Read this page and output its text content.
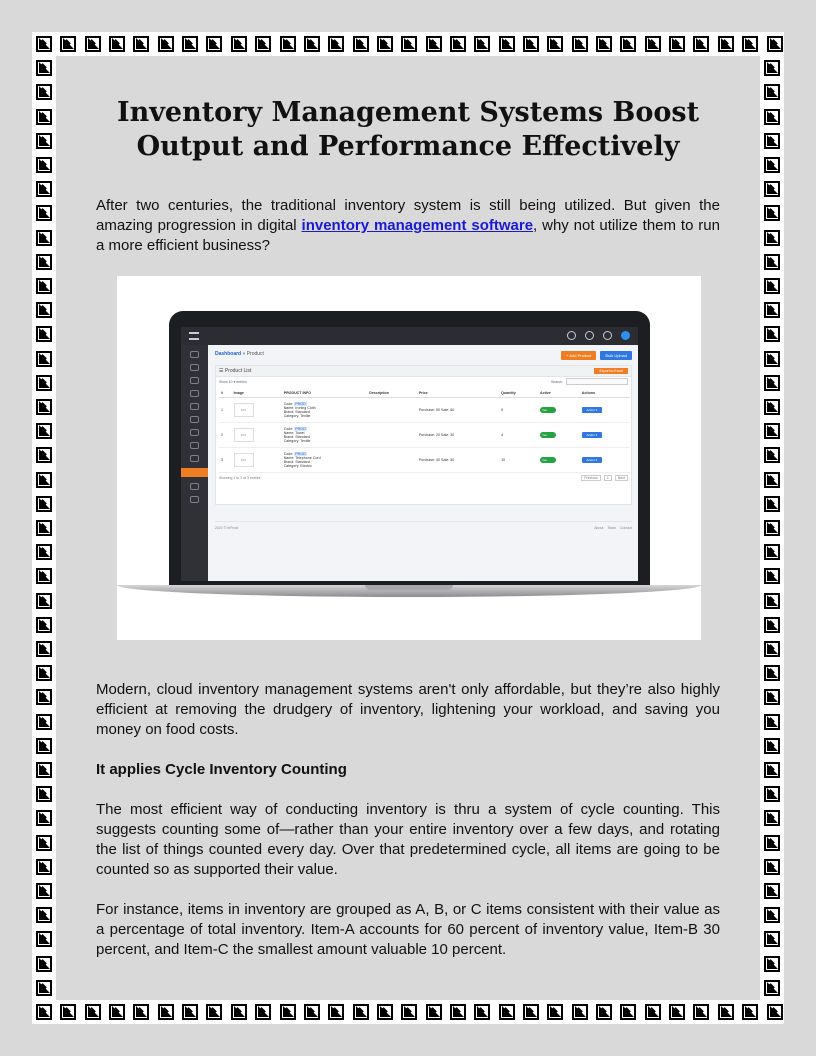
Inventory Management Systems Boost Output and Performance Effectively

After two centuries, the traditional inventory system is still being utilized. But given the amazing progression in digital inventory management software, why not utilize them to run a more efficient business?

Modern, cloud inventory management systems aren't only affordable, but they’re also highly efficient at removing the drudgery of inventory, lightening your workload, and saving you money on food costs.

It applies Cycle Inventory Counting

The most efficient way of conducting inventory is thru a system of cycle counting. This suggests counting some of—rather than your entire inventory over a few days, and rotating the list of things counted every day. Over that predetermined cycle, all items are going to be counted so as supported their value.

For instance, items in inventory are grouped as A, B, or C items consistent with their value as a percentage of total inventory. Item-A accounts for 60 percent of inventory value, Item-B 30 percent, and Item-C the smallest amount valuable 10 percent.

Dashboard » Product	+ Add Product	Bulk Upload
☰ Product List	Export to Excel
Show 10 ▾ entries	Search:
#	Image	PRODUCT INFO	Description	Price	Quantity	Active	Actions
1	IMG	Code: PROD
Name: Ironing Cloth
Brand: Standard
Category: Textile		Purchase: 50 Sale: 60	5	Yes	Action ▾

2	IMG	Code: PROD
Name: Towel
Brand: Standard
Category: Textile		Purchase: 20 Sale: 30	4	Yes	Action ▾

3	IMG	Code: PROD
Name: Telephone Cord
Brand: Standard
Category: Electric		Purchase: 40 Sale: 50	10	Yes	Action ▾
Showing 1 to 3 of 3 entries	Previous	1	Next
2021 © InFrost	About Team Contact
